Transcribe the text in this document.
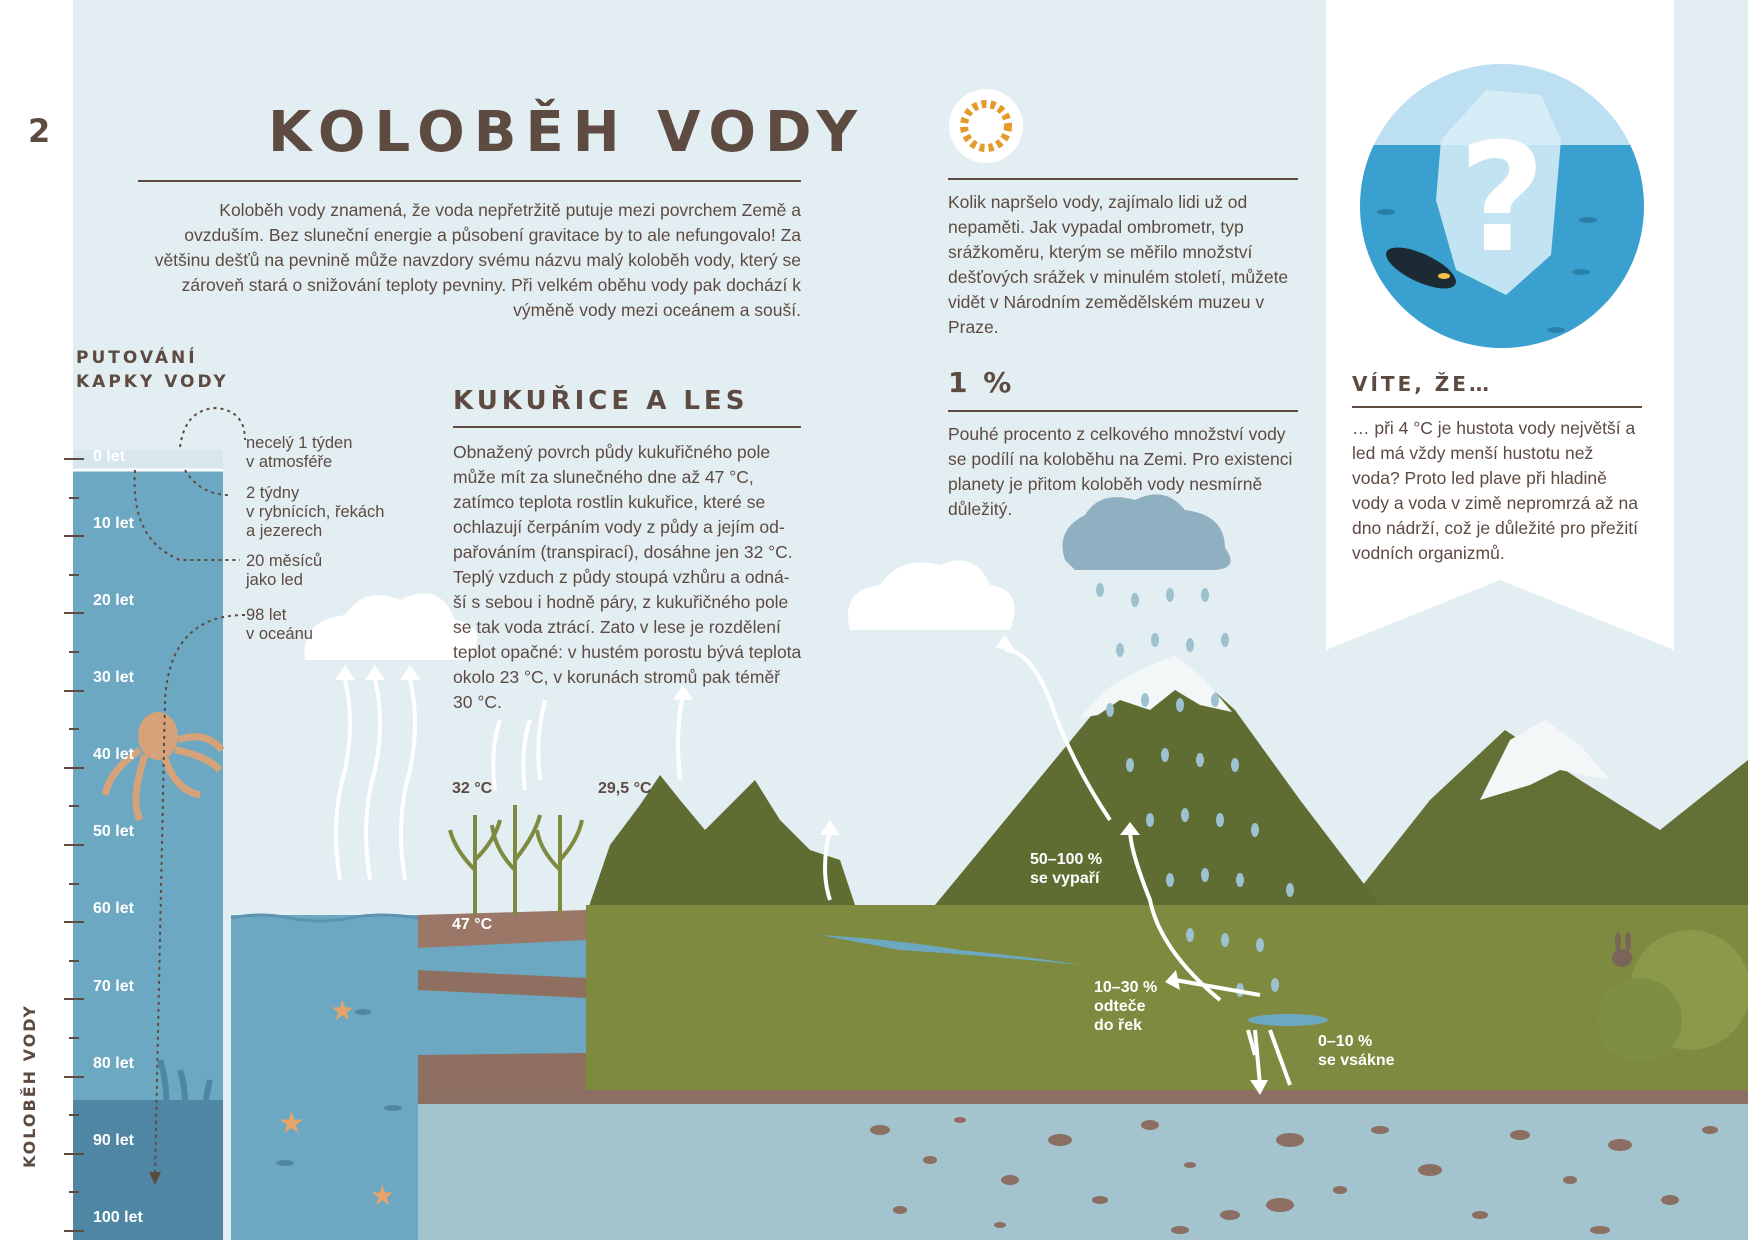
★
★
★
?
2	KOLOBĚH VODY
Koloběh vody znamená, že voda nepřetržitě putuje mezi povrchem Země a ovzduším. Bez sluneční energie a působení gravitace by to ale nefungovalo! Za většinu dešťů na pevnině může navzdory svému názvu malý koloběh vody, který se zároveň stará o snižování teploty pevniny. Při velkém oběhu vody pak dochází k výměně vody mezi oceánem a souší.
PUTOVÁNÍ
KAPKY VODY
KOLOBĚH VODY
necelý 1 týden
v atmosféře
2 týdny
v rybnících, řekách
a jezerech
20 měsíců
jako led
98 let
v oceánu
0 let
10 let
20 let
30 let
40 let
50 let
60 let
70 let
80 let
90 let
100 let
KUKUŘICE A LES
Obnažený povrch půdy kukuřičného pole může mít za slunečného dne až 47 °C, zatímco teplota rostlin kukuřice, které se ochlazují čerpáním vody z půdy a jejím od-pařováním (transpirací), dosáhne jen 32 °C. Teplý vzduch z půdy stoupá vzhůru a odná-ší s sebou i hodně páry, z kukuřičného pole se tak voda ztrácí. Zato v lese je rozdělení teplot opačné: v hustém porostu bývá teplota okolo 23 °C, v korunách stromů pak téměř 30 °C.
32 °C
47 °C
29,5 °C
Kolik napršelo vody, zajímalo lidi už od nepaměti. Jak vypadal ombrometr, typ srážkoměru, kterým se měřilo množství dešťových srážek v minulém století, můžete vidět v Národním zemědělském muzeu v Praze.
1 %
Pouhé procento z celkového množství vody se podílí na koloběhu na Zemi. Pro existenci planety je přitom koloběh vody nesmírně důležitý.
VÍTE, ŽE…
… při 4 °C je hustota vody největší a led má vždy menší hustotu než voda? Proto led plave při hladině vody a voda v zimě nepromrzá až na dno nádrží, což je důležité pro přežití vodních organizmů.
50–100 %
se vypaří
10–30 %
odteče
do řek
0–10 %
se vsákne
